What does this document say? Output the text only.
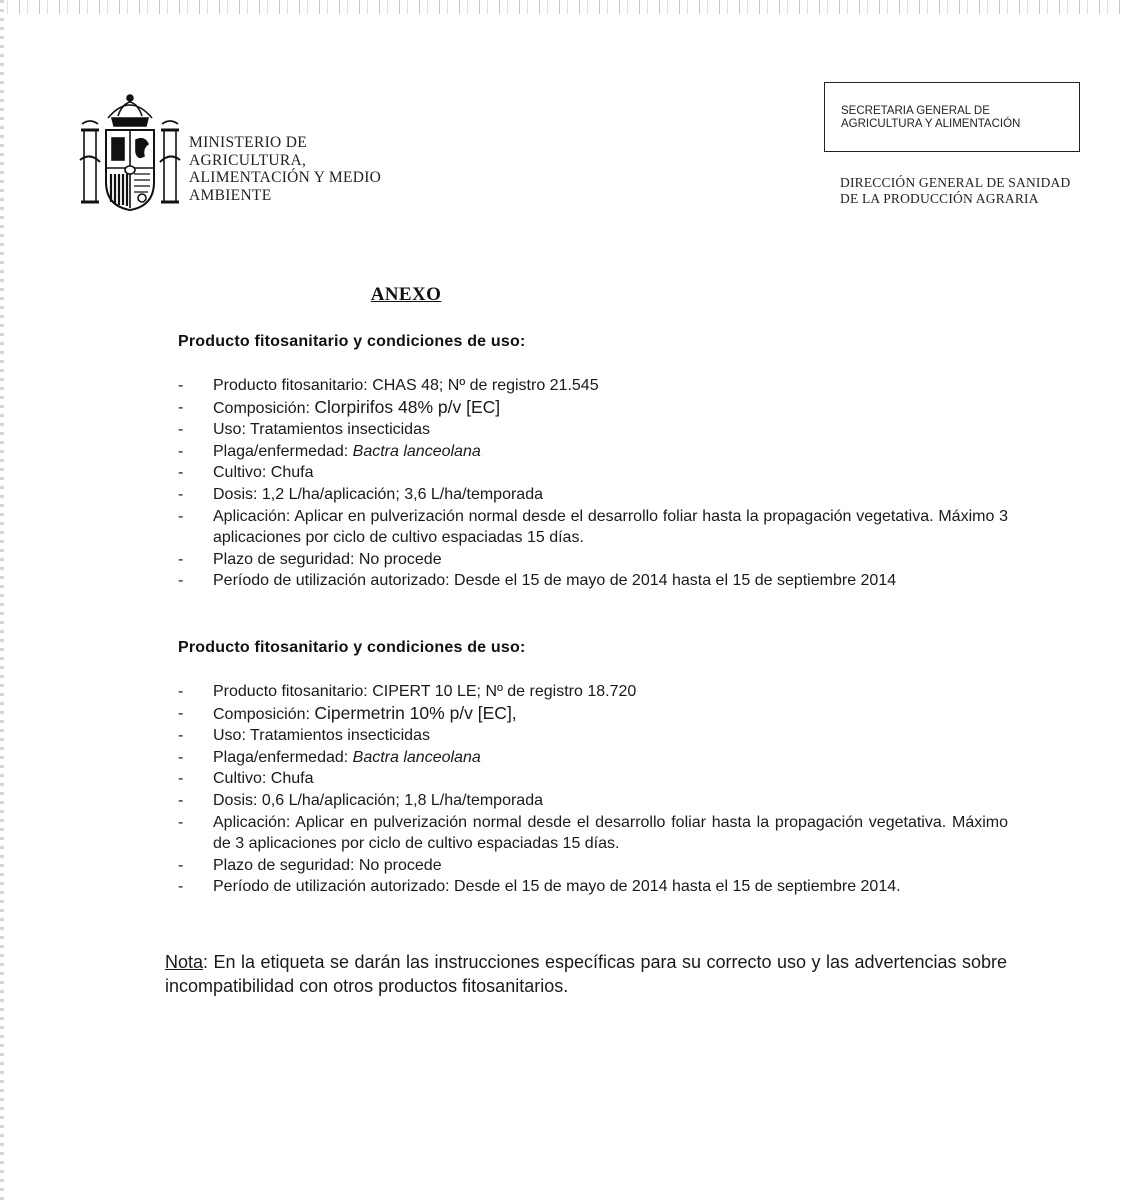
MINISTERIO DE
AGRICULTURA,
ALIMENTACIÓN Y MEDIO
AMBIENTE
SECRETARIA GENERAL DE
AGRICULTURA Y ALIMENTACIÓN
DIRECCIÓN GENERAL DE SANIDAD
DE LA PRODUCCIÓN AGRARIA
ANEXO
Producto fitosanitario y condiciones de uso:
- Producto fitosanitario: CHAS 48; Nº de registro 21.545
- Composición: Clorpirifos 48% p/v [EC]
- Uso: Tratamientos insecticidas
- Plaga/enfermedad: Bactra lanceolana
- Cultivo: Chufa
- Dosis: 1,2 L/ha/aplicación; 3,6 L/ha/temporada
- Aplicación: Aplicar en pulverización normal desde el desarrollo foliar hasta la propagación vegetativa. Máximo 3 aplicaciones por ciclo de cultivo espaciadas 15 días.
- Plazo de seguridad: No procede
- Período de utilización autorizado: Desde el 15 de mayo de 2014 hasta el 15 de septiembre 2014
Producto fitosanitario y condiciones de uso:
- Producto fitosanitario: CIPERT 10 LE; Nº de registro 18.720
- Composición: Cipermetrin 10% p/v [EC],
- Uso: Tratamientos insecticidas
- Plaga/enfermedad: Bactra lanceolana
- Cultivo: Chufa
- Dosis: 0,6 L/ha/aplicación; 1,8 L/ha/temporada
- Aplicación: Aplicar en pulverización normal desde el desarrollo foliar hasta la propagación vegetativa. Máximo de 3 aplicaciones por ciclo de cultivo espaciadas 15 días.
- Plazo de seguridad: No procede
- Período de utilización autorizado: Desde el 15 de mayo de 2014 hasta el 15 de septiembre 2014.
Nota: En la etiqueta se darán las instrucciones específicas para su correcto uso y las advertencias sobre incompatibilidad con otros productos fitosanitarios.
